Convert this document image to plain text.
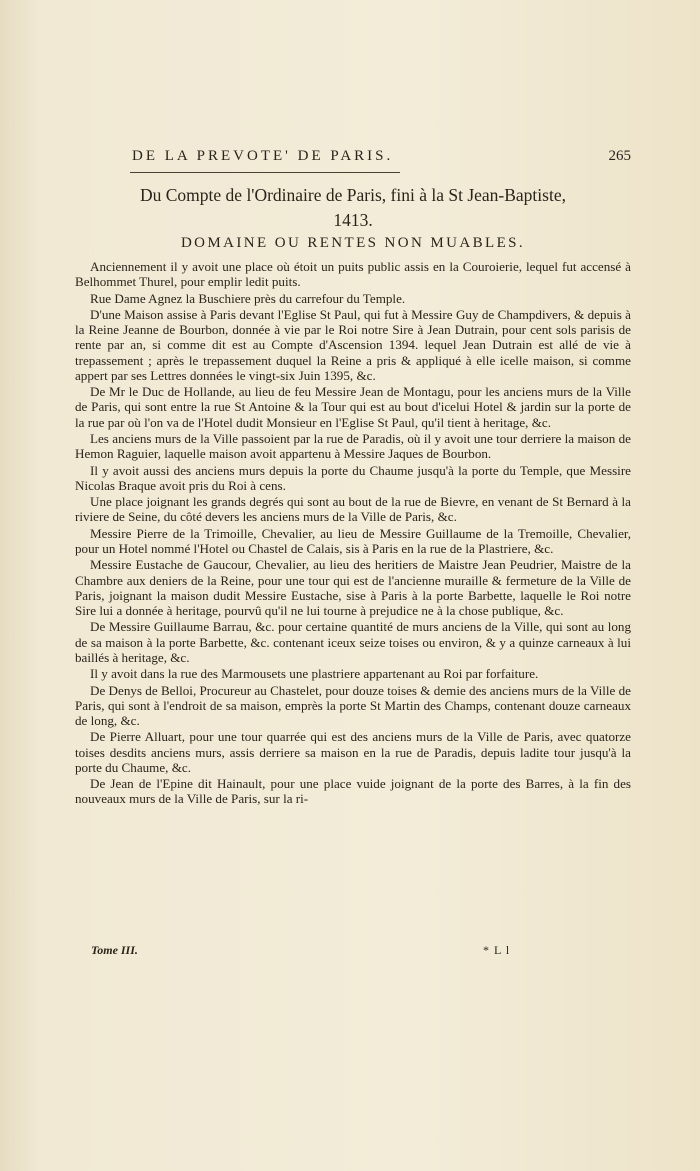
DE LA PREVOTE' DE PARIS.	265
Du Compte de l'Ordinaire de Paris, fini à la St Jean-Baptiste,
1413.
DOMAINE OU RENTES NON MUABLES.

Anciennement il y avoit une place où étoit un puits public assis en la Couroierie, lequel fut accensé à Belhommet Thurel, pour emplir ledit puits.

Rue Dame Agnez la Buschiere près du carrefour du Temple.

D'une Maison assise à Paris devant l'Eglise St Paul, qui fut à Messire Guy de Champdivers, & depuis à la Reine Jeanne de Bourbon, donnée à vie par le Roi notre Sire à Jean Dutrain, pour cent sols parisis de rente par an, si comme dit est au Compte d'Ascension 1394. lequel Jean Dutrain est allé de vie à trepassement ; après le trepassement duquel la Reine a pris & appliqué à elle icelle maison, si comme appert par ses Lettres données le vingt-six Juin 1395, &c.

De Mr le Duc de Hollande, au lieu de feu Messire Jean de Montagu, pour les anciens murs de la Ville de Paris, qui sont entre la rue St Antoine & la Tour qui est au bout d'icelui Hotel & jardin sur la porte de la rue par où l'on va de l'Hotel dudit Monsieur en l'Eglise St Paul, qu'il tient à heritage, &c.

Les anciens murs de la Ville passoient par la rue de Paradis, où il y avoit une tour derriere la maison de Hemon Raguier, laquelle maison avoit appartenu à Messire Jaques de Bourbon.

Il y avoit aussi des anciens murs depuis la porte du Chaume jusqu'à la porte du Temple, que Messire Nicolas Braque avoit pris du Roi à cens.

Une place joignant les grands degrés qui sont au bout de la rue de Bievre, en venant de St Bernard à la riviere de Seine, du côté devers les anciens murs de la Ville de Paris, &c.

Messire Pierre de la Trimoille, Chevalier, au lieu de Messire Guillaume de la Tremoille, Chevalier, pour un Hotel nommé l'Hotel ou Chastel de Calais, sis à Paris en la rue de la Plastriere, &c.

Messire Eustache de Gaucour, Chevalier, au lieu des heritiers de Maistre Jean Peudrier, Maistre de la Chambre aux deniers de la Reine, pour une tour qui est de l'ancienne muraille & fermeture de la Ville de Paris, joignant la maison dudit Messire Eustache, sise à Paris à la porte Barbette, laquelle le Roi notre Sire lui a donnée à heritage, pourvû qu'il ne lui tourne à prejudice ne à la chose publique, &c.

De Messire Guillaume Barrau, &c. pour certaine quantité de murs anciens de la Ville, qui sont au long de sa maison à la porte Barbette, &c. contenant iceux seize toises ou environ, & y a quinze carneaux à lui baillés à heritage, &c.

Il y avoit dans la rue des Marmousets une plastriere appartenant au Roi par forfaiture.

De Denys de Belloi, Procureur au Chastelet, pour douze toises & demie des anciens murs de la Ville de Paris, qui sont à l'endroit de sa maison, emprès la porte St Martin des Champs, contenant douze carneaux de long, &c.

De Pierre Alluart, pour une tour quarrée qui est des anciens murs de la Ville de Paris, avec quatorze toises desdits anciens murs, assis derriere sa maison en la rue de Paradis, depuis ladite tour jusqu'à la porte du Chaume, &c.

De Jean de l'Epine dit Hainault, pour une place vuide joignant de la porte des Barres, à la fin des nouveaux murs de la Ville de Paris, sur la ri-

Tome III.	* L l
